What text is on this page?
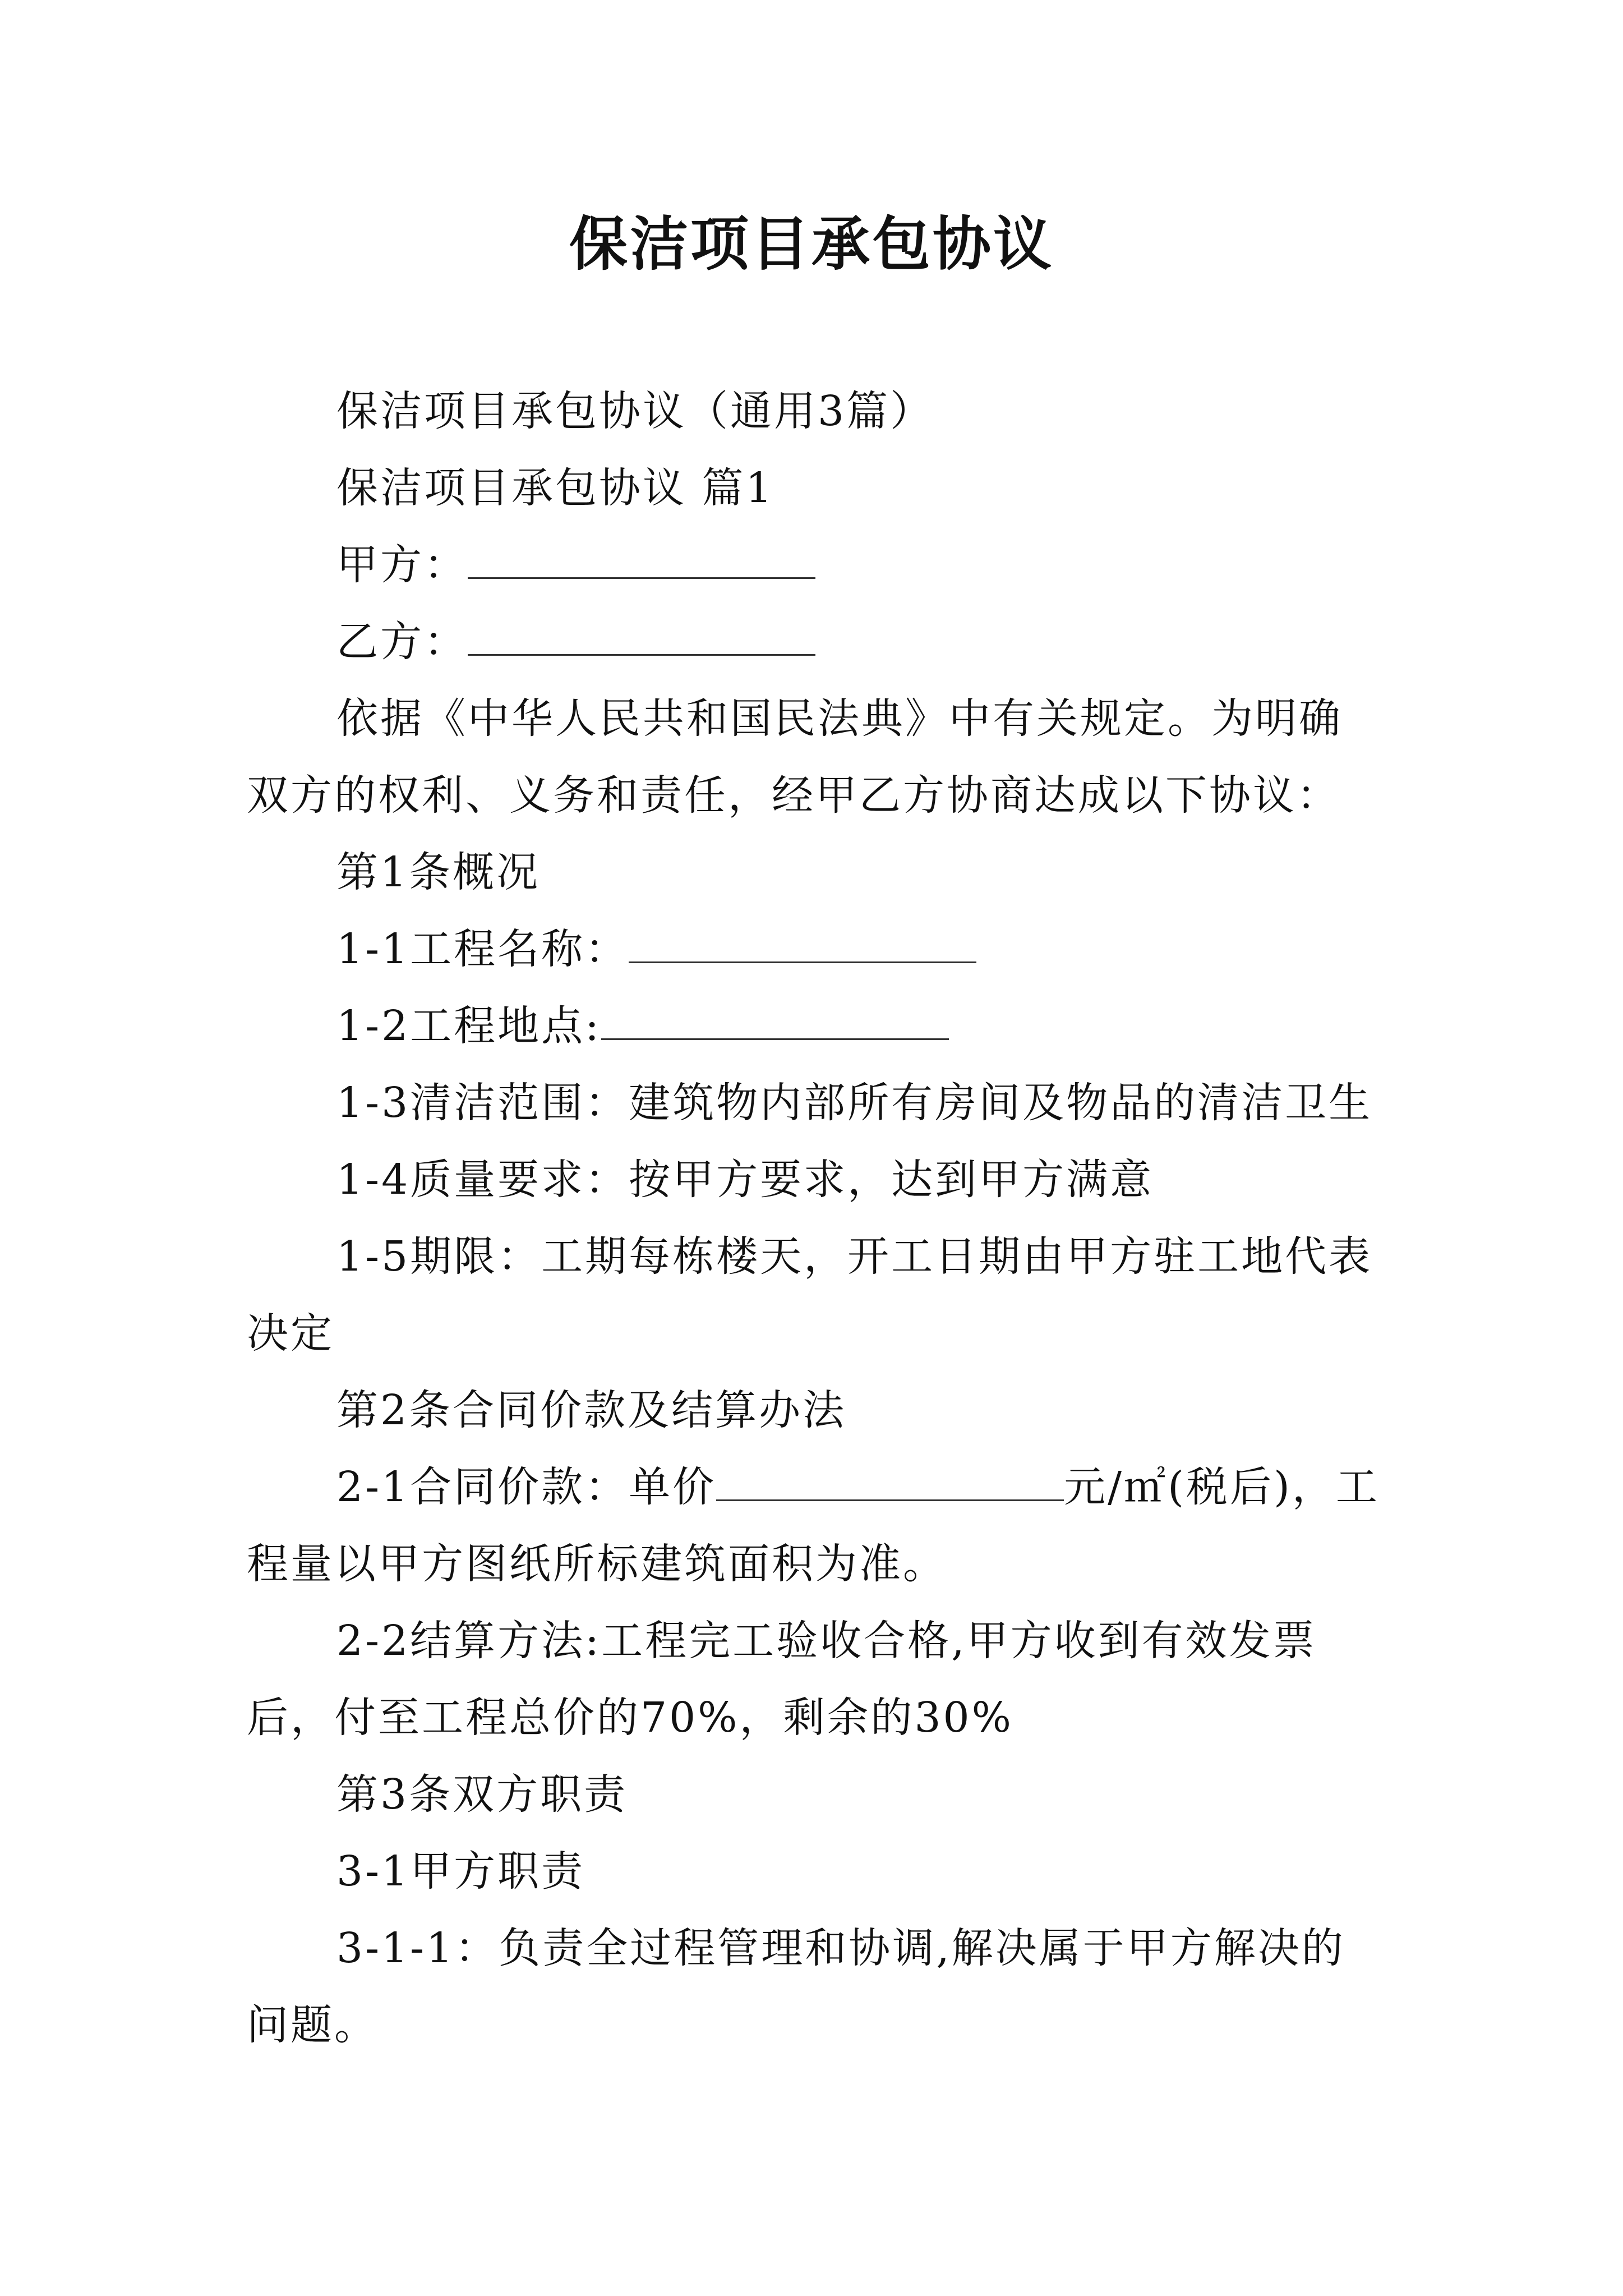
保洁项目承包协议

保洁项目承包协议（通用3篇）

保洁项目承包协议 篇1

甲方：

乙方：

依据《中华人民共和国民法典》中有关规定。为明确双方的权利、义务和责任，经甲乙方协商达成以下协议：

第1条概况

1-1工程名称：

1-2工程地点:

1-3清洁范围：建筑物内部所有房间及物品的清洁卫生

1-4质量要求：按甲方要求，达到甲方满意

1-5期限：工期每栋楼天，开工日期由甲方驻工地代表决定

第2条合同价款及结算办法

2-1合同价款：单价	元/㎡(税后)，工程量以甲方图纸所标建筑面积为准。

2-2结算方法:工程完工验收合格,甲方收到有效发票后，付至工程总价的70%，剩余的30%

第3条双方职责

3-1甲方职责

3-1-1：负责全过程管理和协调,解决属于甲方解决的问题。
